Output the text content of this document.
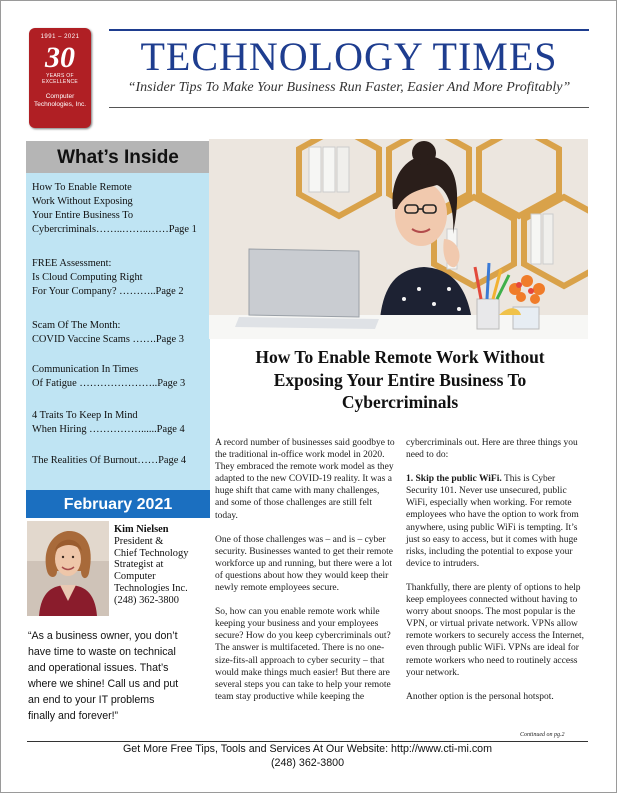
1991 – 2021
30
YEARS OF
EXCELLENCE
Computer
Technologies, Inc.
TECHNOLOGY TIMES
“Insider Tips To Make Your Business Run Faster, Easier And More Profitably”
What’s Inside
How To Enable Remote
Work Without Exposing
Your Entire Business To
Cybercriminals……..……..……Page 1
FREE Assessment:
Is Cloud Computing Right
For Your Company? ………..Page 2
Scam Of The Month:
COVID Vaccine Scams …….Page 3
Communication In Times
Of Fatigue …………………..Page 3
4 Traits To Keep In Mind
When Hiring ……………......Page 4
The Realities Of Burnout……Page 4
February 2021
Kim Nielsen
President &
Chief Technology
Strategist at
Computer
Technologies Inc.
(248) 362-3800
“As a business owner, you don’t
have time to waste on technical
and operational issues. That’s
where we shine! Call us and put
an end to your IT problems
finally and forever!”
How To Enable Remote Work Without
Exposing Your Entire Business To
Cybercriminals

A record number of businesses said goodbye to the traditional in-office work model in 2020. They embraced the remote work model as they adapted to the new COVID-19 reality. It was a huge shift that came with many challenges, and some of those challenges are still felt today.

One of those challenges was – and is – cyber security. Businesses wanted to get their remote workforce up and running, but there were a lot of questions about how they would keep their newly remote employees secure.

So, how can you enable remote work while keeping your business and your employees secure? How do you keep cybercriminals out? The answer is multifaceted. There is no one-size-fits-all approach to cyber security – that would make things much easier! But there are several steps you can take to help your remote team stay productive while keeping the

cybercriminals out. Here are three things you need to do:

1. Skip the public WiFi. This is Cyber Security 101. Never use unsecured, public WiFi, especially when working. For remote employees who have the option to work from anywhere, using public WiFi is tempting. It’s just so easy to access, but it comes with huge risks, including the potential to expose your device to intruders.

Thankfully, there are plenty of options to help keep employees connected without having to worry about snoops. The most popular is the VPN, or virtual private network. VPNs allow remote workers to securely access the Internet, even through public WiFi. VPNs are ideal for remote workers who need to routinely access your network.

Another option is the personal hotspot.

Continued on pg.2
Get More Free Tips, Tools and Services At Our Website: http://www.cti-mi.com
(248) 362-3800
